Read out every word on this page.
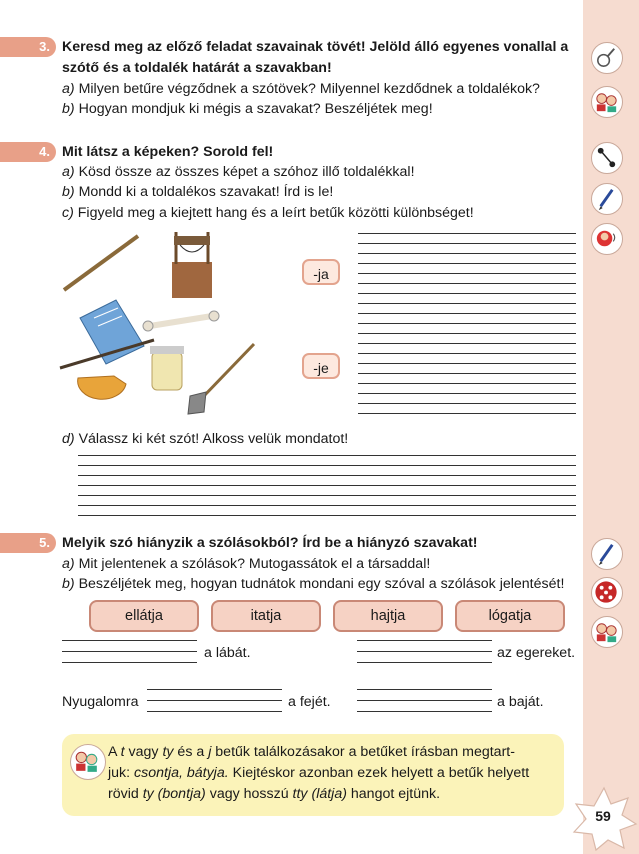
3. Keresd meg az előző feladat szavainak tövét! Jelöld álló egyenes vonallal a
szótő és a toldalék határát a szavakban!
a) Milyen betűre végződnek a szótövek? Milyennel kezdődnek a toldalékok?
b) Hogyan mondjuk ki mégis a szavakat? Beszéljétek meg!
4. Mit látsz a képeken? Sorold fel!
a) Kösd össze az összes képet a szóhoz illő toldalékkal!
b) Mondd ki a toldalékos szavakat! Írd is le!
c) Figyeld meg a kiejtett hang és a leírt betűk közötti különbséget!
-ja
-je
d) Válassz ki két szót! Alkoss velük mondatot!
5. Melyik szó hiányzik a szólásokból? Írd be a hiányzó szavakat!
a) Mit jelentenek a szólások? Mutogassátok el a társaddal!
b) Beszéljétek meg, hogyan tudnátok mondani egy szóval a szólások jelentését!
ellátja	itatja	hajtja	lógatja
a lábát.	az egereket.
Nyugalomra	a fejét.	a baját.
A t vagy ty és a j betűk találkozásakor a betűket írásban megtart-
juk: csontja, bátyja. Kiejtéskor azonban ezek helyett a betűk helyett
rövid ty (bontja) vagy hosszú tty (látja) hangot ejtünk.
59
